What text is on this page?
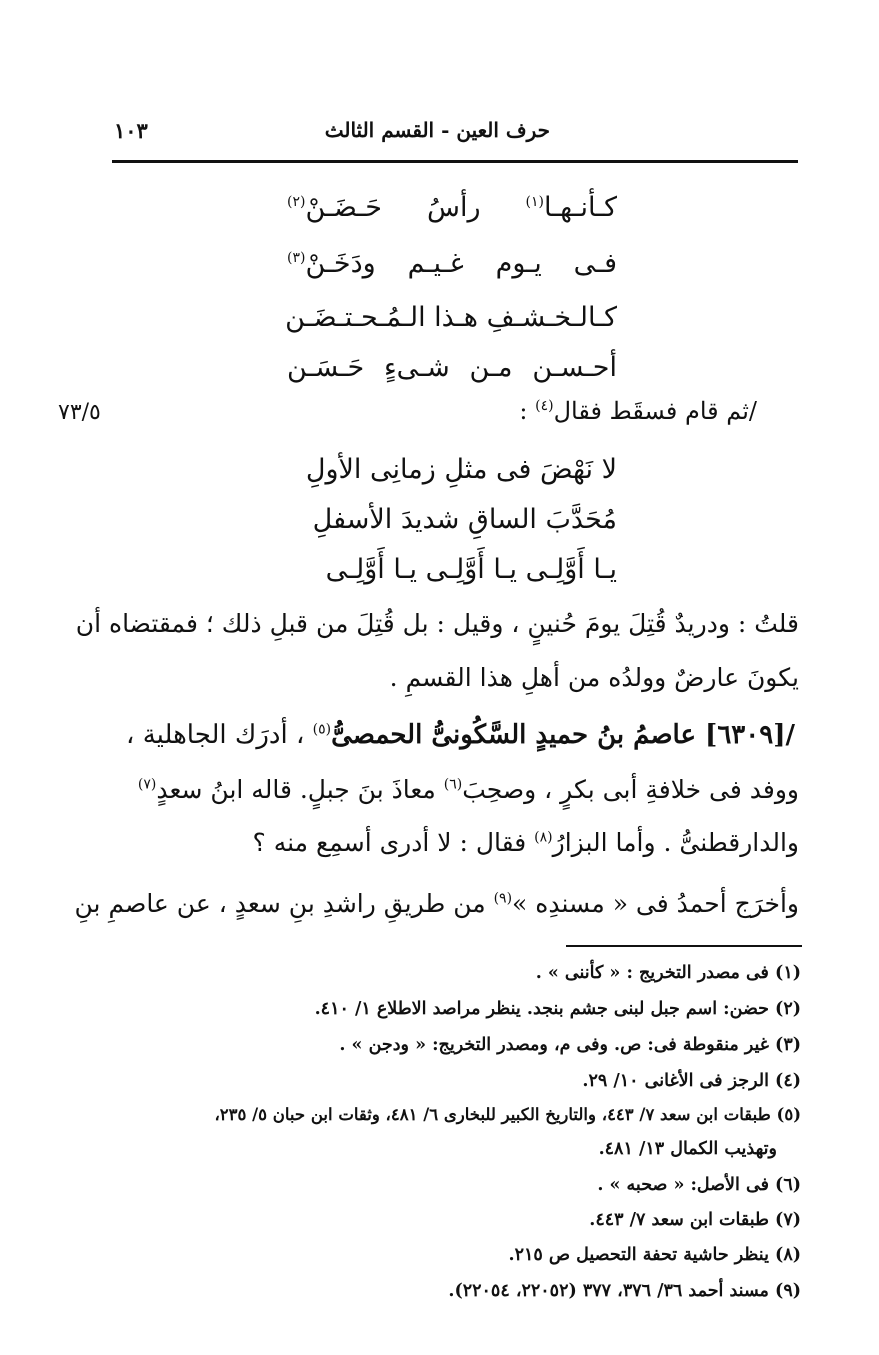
حرف العين - القسم الثالث
١٠٣
كـأنـهـا$^{(١)}$ رأسُ حَـضَـنْ$^{(٢)}$
فـى يـوم غـيـم ودَخَـنْ$^{(٣)}$
كـالـخـشـفِ هـذا الـمُـحـتـضَـن
أحـسـن مـن شـىءٍ حَـسَـن
/ثم قام فسقَط فقال$^{(٤)}$ :
٧٣/٥
لا نَهْضَ فى مثلِ زمانِى الأولِ
مُحَدَّبَ الساقِ شديدَ الأسفلِ
يـا أَوَّلِـى يـا أَوَّلِـى يـا أَوَّلِـى
قلتُ : ودريدٌ قُتِلَ يومَ حُنينٍ ، وقيل : بل قُتِلَ من قبلِ ذلك ؛ فمقتضاه أن
يكونَ عارضٌ وولدُه من أهلِ هذا القسمِ .
/[٦٣٠٩] عاصمُ بنُ حميدٍ السَّكُونىُّ الحمصىُّ$^{(٥)}$ ، أدرَك الجاهلية ،
ووفد فى خلافةِ أبى بكرٍ ، وصحِبَ$^{(٦)}$ معاذَ بنَ جبلٍ. قاله ابنُ سعدٍ$^{(٧)}$
والدارقطنىُّ . وأما البزارُ$^{(٨)}$ فقال : لا أدرى أسمِع منه ؟
وأخرَج أحمدُ فى « مسندِه »$^{(٩)}$ من طريقِ راشدِ بنِ سعدٍ ، عن عاصمِ بنِ
(١) فى مصدر التخريج : « كأننى » .
(٢) حضن: اسم جبل لبنى جشم بنجد. ينظر مراصد الاطلاع ١/ ٤١٠.
(٣) غير منقوطة فى: ص. وفى م، ومصدر التخريج: « ودجن » .
(٤) الرجز فى الأغانى ١٠/ ٢٩.
(٥) طبقات ابن سعد ٧/ ٤٤٣، والتاريخ الكبير للبخارى ٦/ ٤٨١، وثقات ابن حبان ٥/ ٢٣٥،
وتهذيب الكمال ١٣/ ٤٨١.
(٦) فى الأصل: « صحبه » .
(٧) طبقات ابن سعد ٧/ ٤٤٣.
(٨) ينظر حاشية تحفة التحصيل ص ٢١٥.
(٩) مسند أحمد ٣٦/ ٣٧٦، ٣٧٧ (٢٢٠٥٢، ٢٢٠٥٤).
